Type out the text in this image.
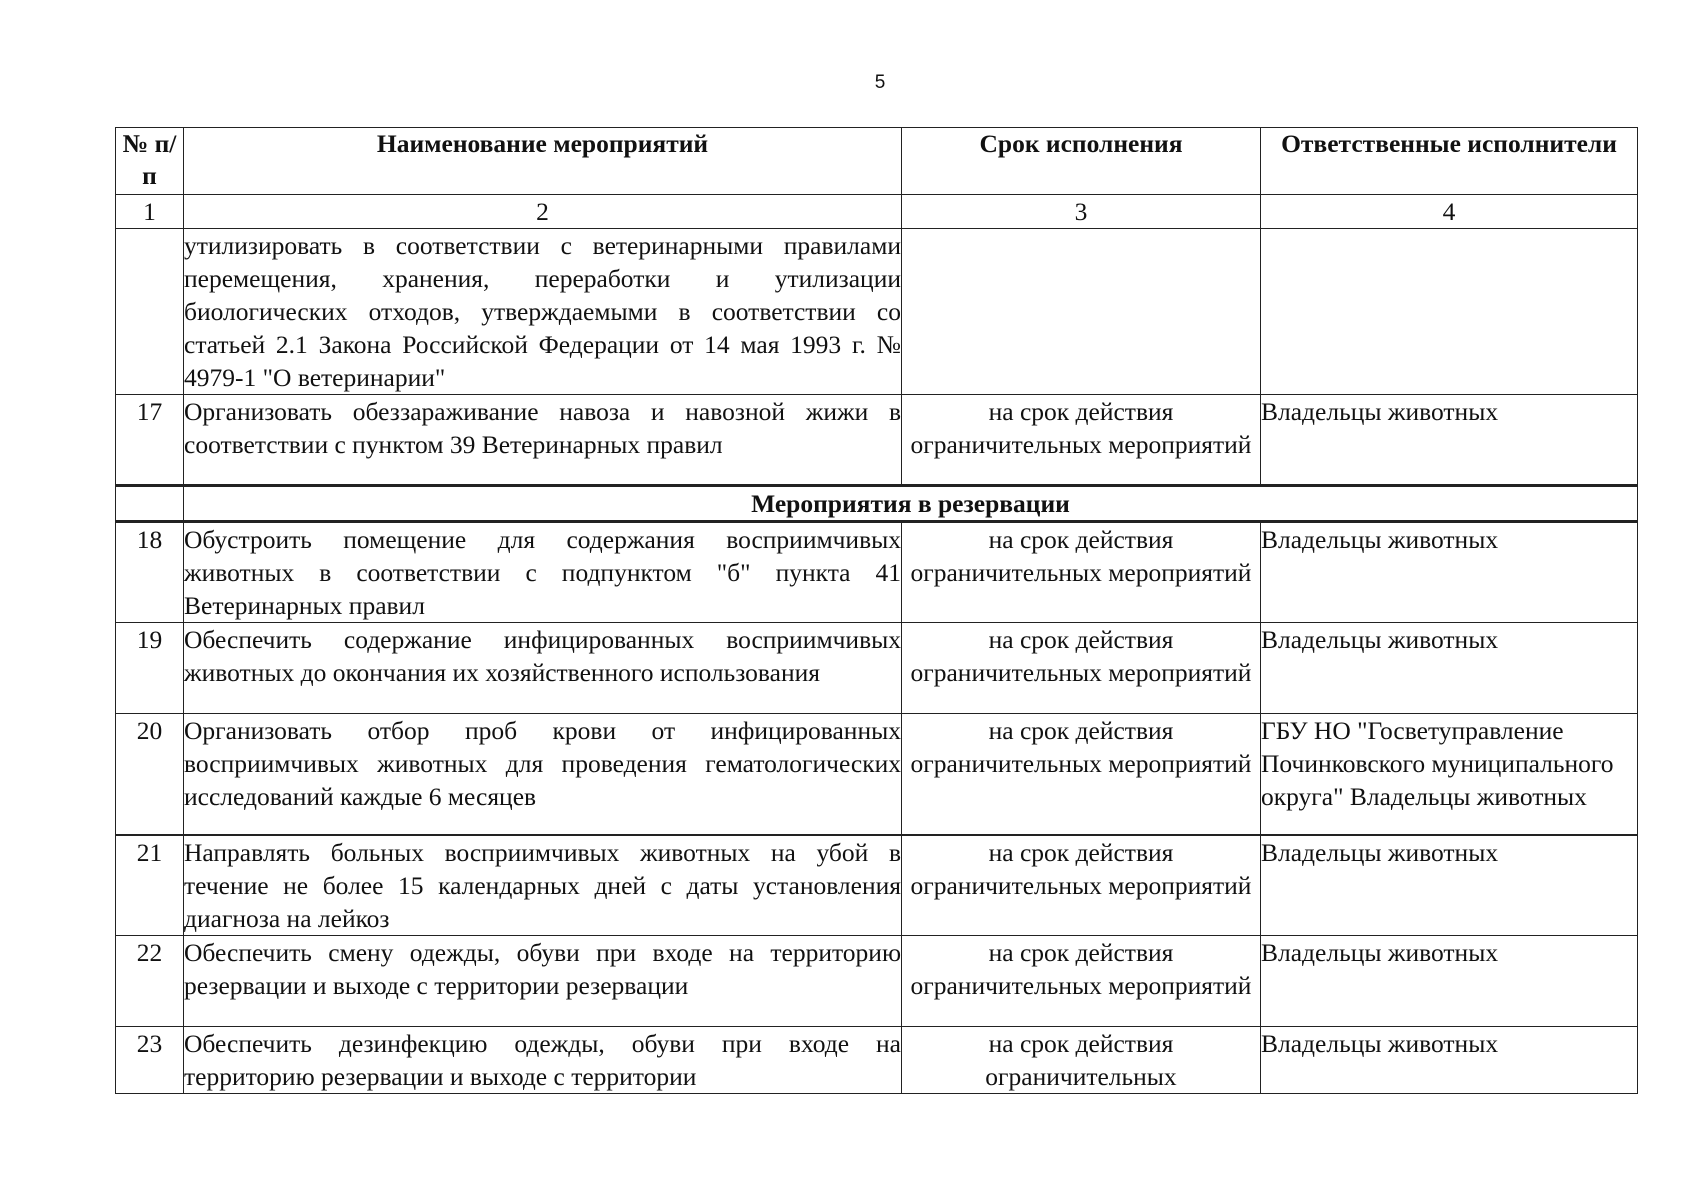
5
№ п/п	Наименование мероприятий	Срок исполнения	Ответственные исполнители
1	2	3	4
	утилизировать в соответствии с ветеринарными правилами перемещения, хранения, переработки и утилизации биологических отходов, утверждаемыми в соответствии со статьей 2.1 Закона Российской Федерации от 14 мая 1993 г. № 4979-1 "О ветеринарии"		
17	Организовать обеззараживание навоза и навозной жижи в соответствии с пунктом 39 Ветеринарных правил	на срок действия ограничительных мероприятий	Владельцы животных
	Мероприятия в резервации		
18	Обустроить помещение для содержания восприимчивых животных в соответствии с подпунктом "б" пункта 41 Ветеринарных правил	на срок действия ограничительных мероприятий	Владельцы животных
19	Обеспечить содержание инфицированных восприимчивых животных до окончания их хозяйственного использования	на срок действия ограничительных мероприятий	Владельцы животных
20	Организовать отбор проб крови от инфицированных восприимчивых животных для проведения гематологических исследований каждые 6 месяцев	на срок действия ограничительных мероприятий	ГБУ НО "Госветуправление Починковского муниципального округа" Владельцы животных
21	Направлять больных восприимчивых животных на убой в течение не более 15 календарных дней с даты установления диагноза на лейкоз	на срок действия ограничительных мероприятий	Владельцы животных
22	Обеспечить смену одежды, обуви при входе на территорию резервации и выходе с территории резервации	на срок действия ограничительных мероприятий	Владельцы животных
23	Обеспечить дезинфекцию одежды, обуви при входе на территорию резервации и выходе с территории	на срок действия ограничительных	Владельцы животных
